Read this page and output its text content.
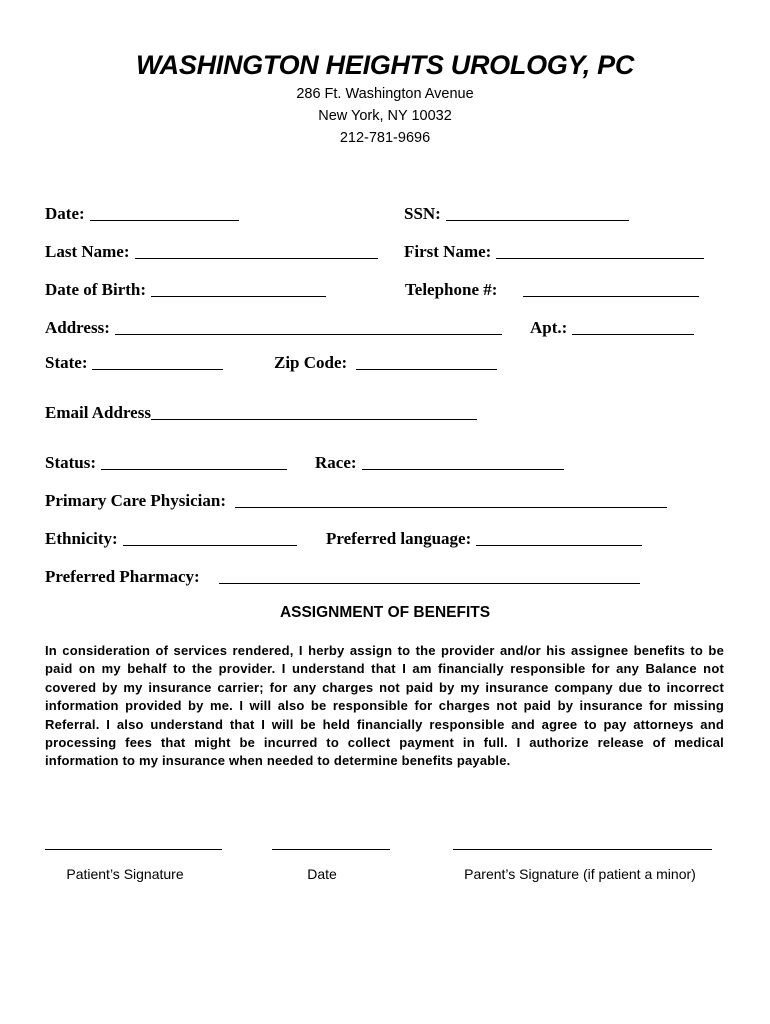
WASHINGTON HEIGHTS UROLOGY, PC
286 Ft. Washington Avenue
New York, NY 10032
212-781-9696
Date:	SSN:
Last Name:	First Name:
Date of Birth:	Telephone #:
Address:	Apt.:
State:	Zip Code:
Email Address
Status:	Race:
Primary Care Physician:
Ethnicity:	Preferred language:
Preferred Pharmacy:
ASSIGNMENT OF BENEFITS
In consideration of services rendered, I herby assign to the provider and/or his assignee benefits to be paid on my behalf to the provider. I understand that I am financially responsible for any Balance not covered by my insurance carrier; for any charges not paid by my insurance company due to incorrect information provided by me. I will also be responsible for charges not paid by insurance for missing Referral. I also understand that I will be held financially responsible and agree to pay attorneys and processing fees that might be incurred to collect payment in full. I authorize release of medical information to my insurance when needed to determine benefits payable.
Patient’s Signature	Date	Parent’s Signature (if patient a minor)
